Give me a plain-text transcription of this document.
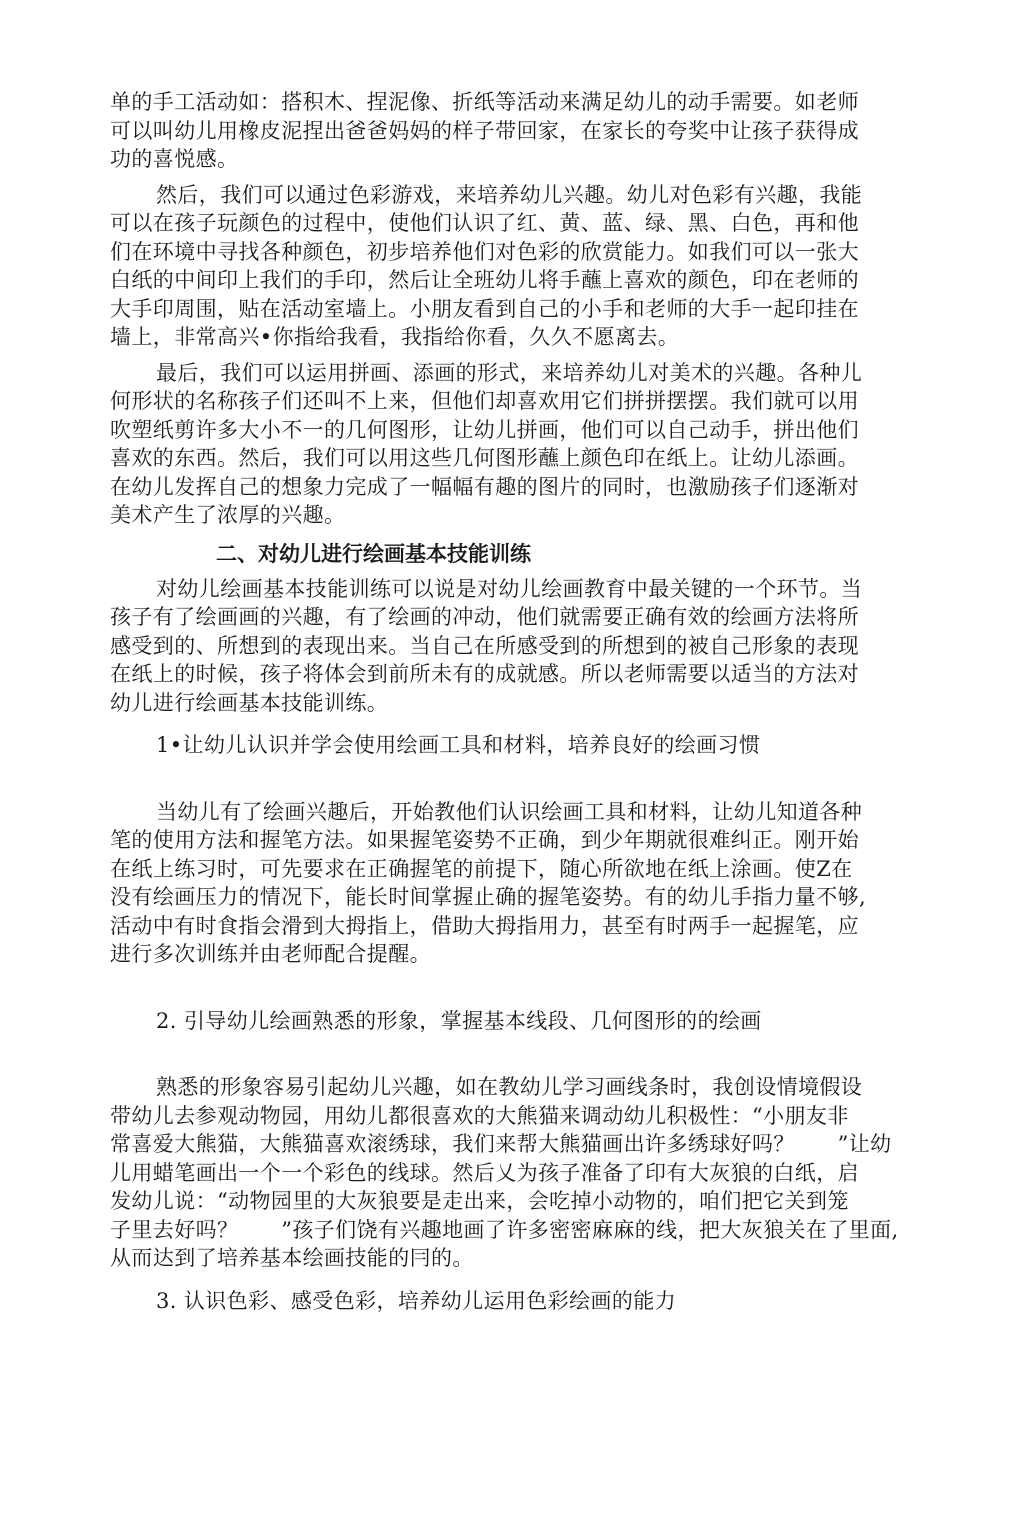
单的手工活动如：搭积木、捏泥像、折纸等活动来满足幼儿的动手需要。如老师
可以叫幼儿用橡皮泥捏出爸爸妈妈的样子带回家，在家长的夸奖中让孩子获得成
功的喜悦感。
然后，我们可以通过色彩游戏，来培养幼儿兴趣。幼儿对色彩有兴趣，我能
可以在孩子玩颜色的过程中，使他们认识了红、黄、蓝、绿、黑、白色，再和他
们在环境中寻找各种颜色，初步培养他们对色彩的欣赏能力。如我们可以一张大
白纸的中间印上我们的手印，然后让全班幼儿将手蘸上喜欢的颜色，印在老师的
大手印周围，贴在活动室墙上。小朋友看到自己的小手和老师的大手一起印挂在
墙上，非常高兴•你指给我看，我指给你看，久久不愿离去。
最后，我们可以运用拼画、添画的形式，来培养幼儿对美术的兴趣。各种儿
何形状的名称孩子们还叫不上来，但他们却喜欢用它们拼拼摆摆。我们就可以用
吹塑纸剪许多大小不一的几何图形，让幼儿拼画，他们可以自己动手，拼出他们
喜欢的东西。然后，我们可以用这些几何图形蘸上颜色印在纸上。让幼儿添画。
在幼儿发挥自己的想象力完成了一幅幅有趣的图片的同时，也激励孩子们逐渐对
美术产生了浓厚的兴趣。
二、对幼儿进行绘画基本技能训练
对幼儿绘画基本技能训练可以说是对幼儿绘画教育中最关键的一个环节。当
孩子有了绘画画的兴趣，有了绘画的冲动，他们就需要正确有效的绘画方法将所
感受到的、所想到的表现出来。当自己在所感受到的所想到的被自己形象的表现
在纸上的时候，孩子将体会到前所未有的成就感。所以老师需要以适当的方法对
幼儿进行绘画基本技能训练。
1•让幼儿认识并学会使用绘画工具和材料，培养良好的绘画习惯
当幼儿有了绘画兴趣后，开始教他们认识绘画工具和材料，让幼儿知道各种
笔的使用方法和握笔方法。如果握笔姿势不正确，到少年期就很难纠正。刚开始
在纸上练习时，可先要求在正确握笔的前提下，随心所欲地在纸上涂画。使Z在
没有绘画压力的情况下，能长时间掌握止确的握笔姿势。有的幼儿手指力量不够,
活动中有时食指会滑到大拇指上，借助大拇指用力，甚至有时两手一起握笔，应
进行多次训练并由老师配合提醒。
2. 引导幼儿绘画熟悉的形象，掌握基本线段、几何图形的的绘画
熟悉的形象容易引起幼儿兴趣，如在教幼儿学习画线条时，我创设情境假设
带幼儿去参观动物园，用幼儿都很喜欢的大熊猫来调动幼儿积极性：“小朋友非
常喜爱大熊猫，大熊猫喜欢滚绣球，我们来帮大熊猫画出许多绣球好吗？　　”让幼
儿用蜡笔画出一个一个彩色的线球。然后乂为孩子准备了印有大灰狼的白纸，启
发幼儿说：“动物园里的大灰狼要是走出来，会吃掉小动物的，咱们把它关到笼
子里去好吗？　　”孩子们饶有兴趣地画了许多密密麻麻的线，把大灰狼关在了里面,
从而达到了培养基本绘画技能的冃的。
3. 认识色彩、感受色彩，培养幼儿运用色彩绘画的能力
